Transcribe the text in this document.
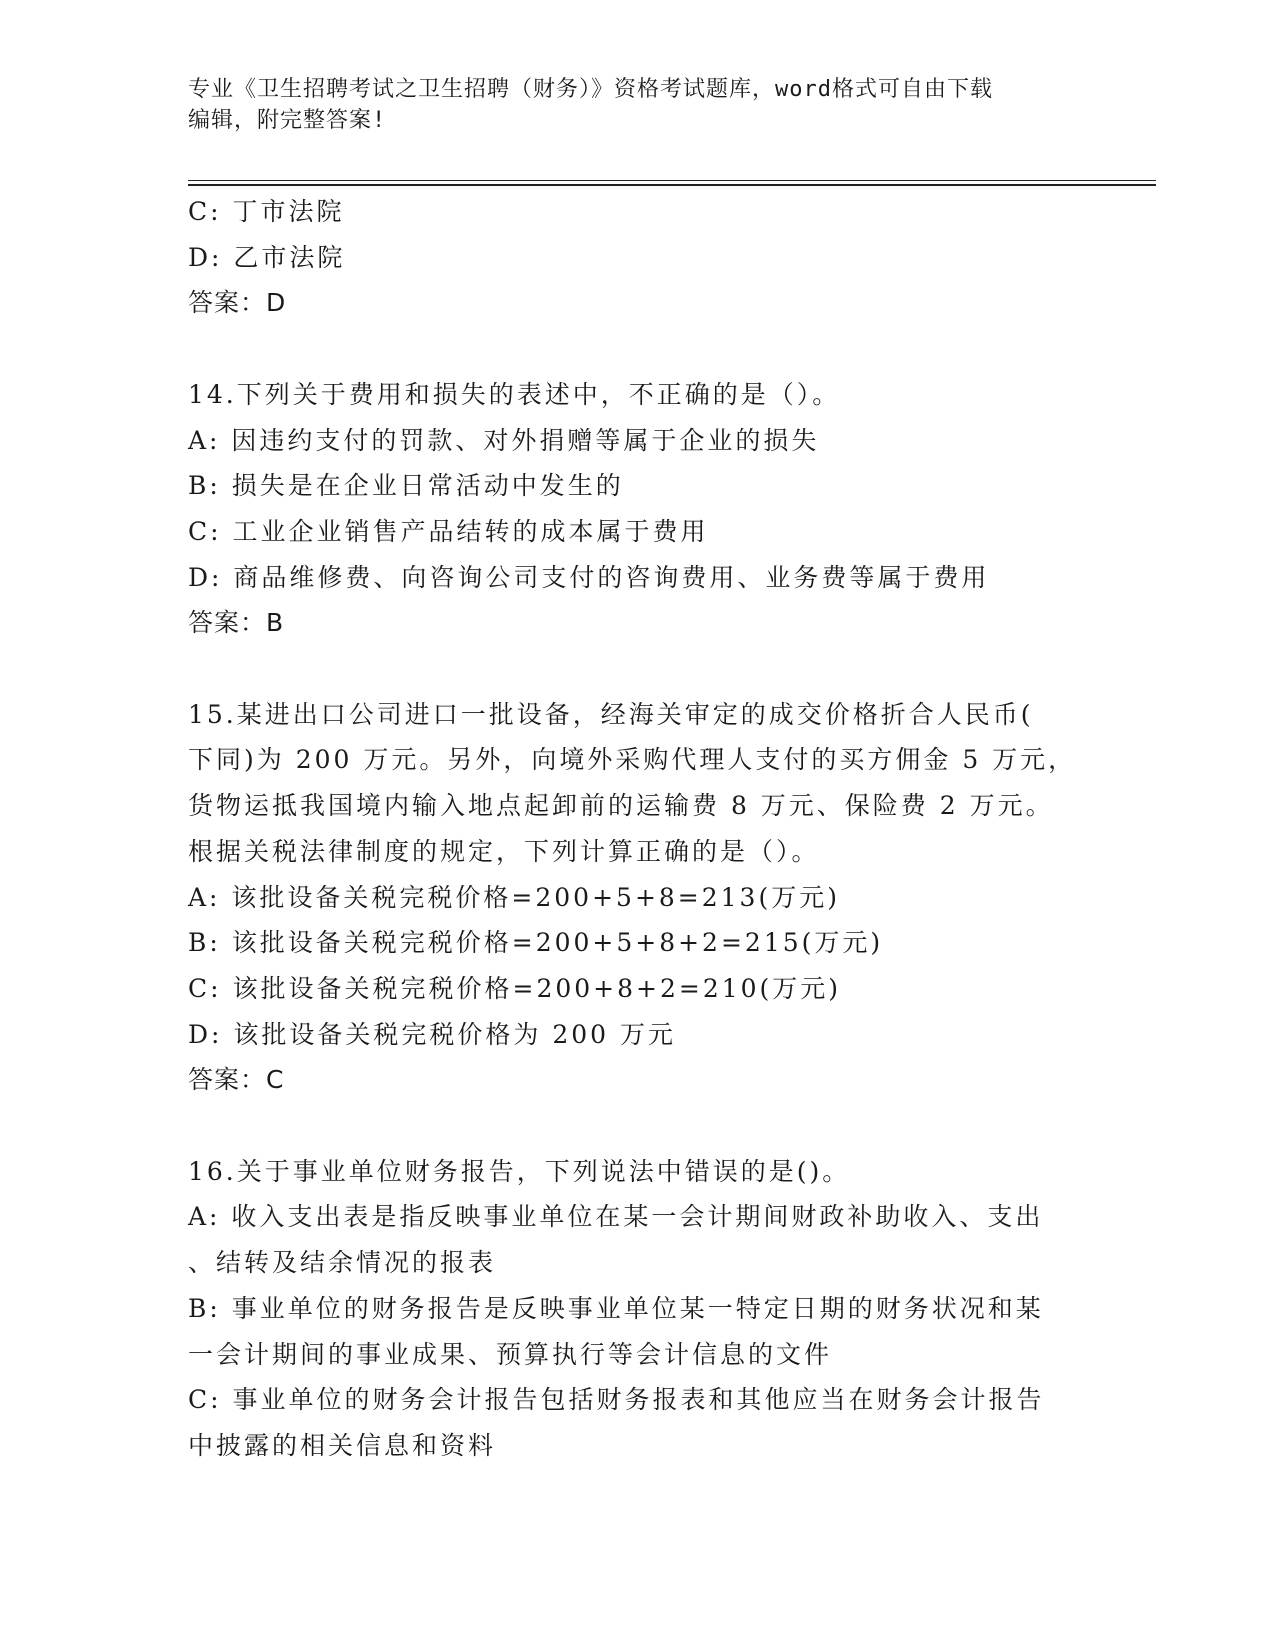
专业《卫生招聘考试之卫生招聘（财务）》资格考试题库，word格式可自由下载
编辑，附完整答案!
C: 丁市法院
D: 乙市法院
答案：D
14.下列关于费用和损失的表述中，不正确的是（）。
A: 因违约支付的罚款、对外捐赠等属于企业的损失
B: 损失是在企业日常活动中发生的
C: 工业企业销售产品结转的成本属于费用
D: 商品维修费、向咨询公司支付的咨询费用、业务费等属于费用
答案：B
15.某进出口公司进口一批设备，经海关审定的成交价格折合人民币(
下同)为 200 万元。另外，向境外采购代理人支付的买方佣金 5 万元，
货物运抵我国境内输入地点起卸前的运输费 8 万元、保险费 2 万元。
根据关税法律制度的规定，下列计算正确的是（）。
A: 该批设备关税完税价格=200+5+8=213(万元)
B: 该批设备关税完税价格=200+5+8+2=215(万元)
C: 该批设备关税完税价格=200+8+2=210(万元)
D: 该批设备关税完税价格为 200 万元
答案：C
16.关于事业单位财务报告，下列说法中错误的是()。
A: 收入支出表是指反映事业单位在某一会计期间财政补助收入、支出
、结转及结余情况的报表
B: 事业单位的财务报告是反映事业单位某一特定日期的财务状况和某
一会计期间的事业成果、预算执行等会计信息的文件
C: 事业单位的财务会计报告包括财务报表和其他应当在财务会计报告
中披露的相关信息和资料
